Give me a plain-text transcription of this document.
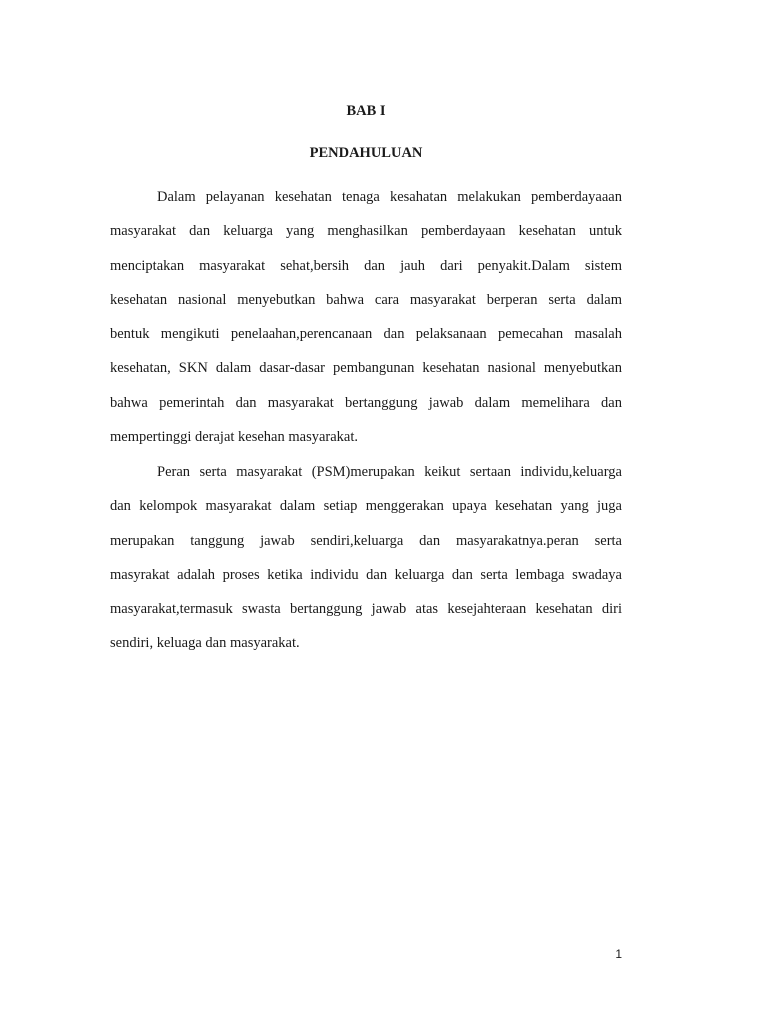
BAB I
PENDAHULUAN

Dalam pelayanan kesehatan tenaga kesahatan melakukan pemberdayaaan
masyarakat dan keluarga yang menghasilkan pemberdayaan kesehatan untuk
menciptakan masyarakat sehat,bersih dan jauh dari penyakit.Dalam sistem
kesehatan nasional menyebutkan bahwa cara masyarakat berperan serta dalam
bentuk mengikuti penelaahan,perencanaan dan pelaksanaan pemecahan masalah
kesehatan, SKN dalam dasar-dasar pembangunan kesehatan nasional menyebutkan
bahwa pemerintah dan masyarakat bertanggung jawab dalam memelihara dan
mempertinggi derajat kesehan masyarakat.

Peran serta masyarakat (PSM)merupakan keikut sertaan individu,keluarga
dan kelompok masyarakat dalam setiap menggerakan upaya kesehatan yang juga
merupakan tanggung jawab sendiri,keluarga dan masyarakatnya.peran serta
masyrakat adalah proses ketika individu dan keluarga dan serta lembaga swadaya
masyarakat,termasuk swasta bertanggung jawab atas kesejahteraan kesehatan diri
sendiri, keluaga dan masyarakat.

1
